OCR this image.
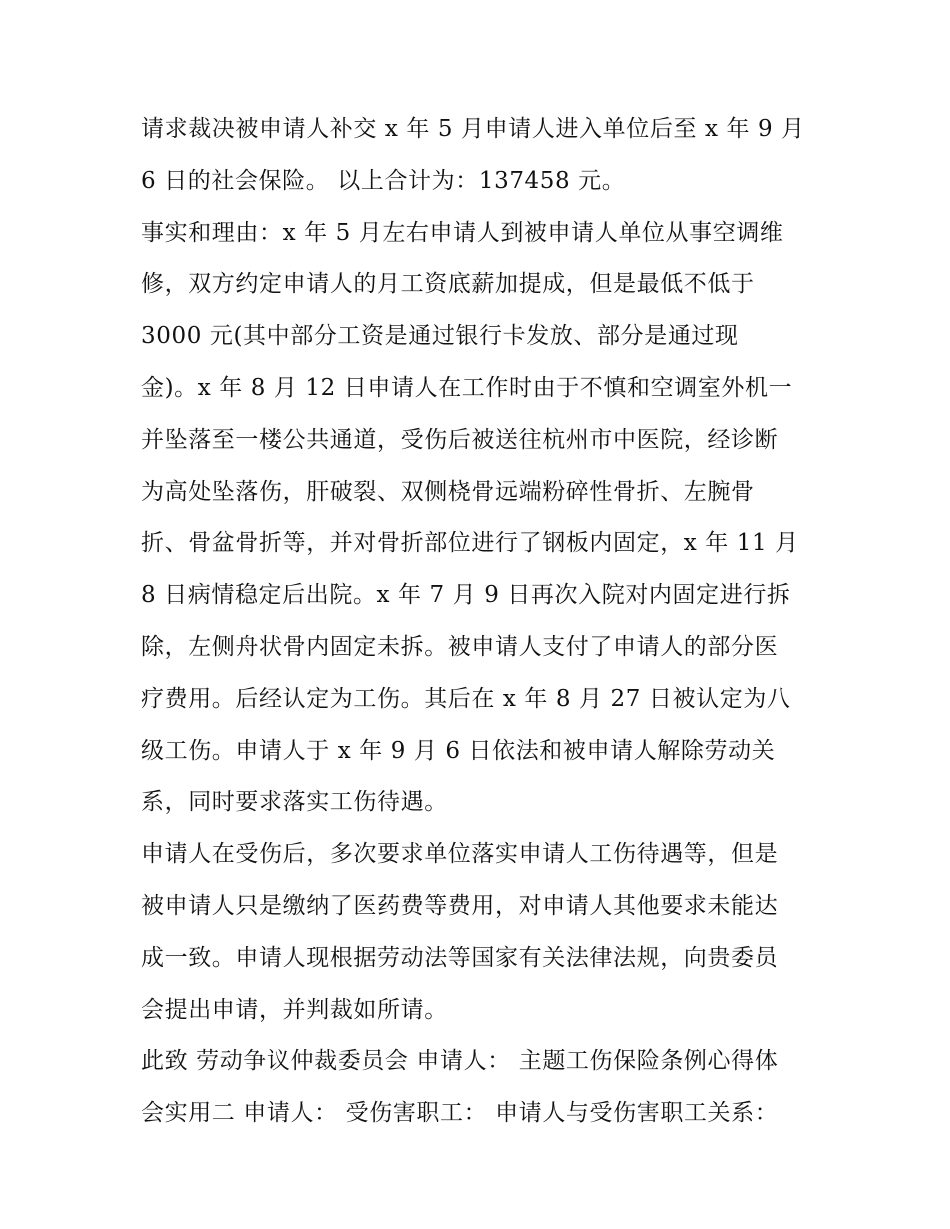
请求裁决被申请人补交 x 年 5 月申请人进入单位后至 x 年 9 月
6 日的社会保险。 以上合计为：137458 元。
事实和理由：x 年 5 月左右申请人到被申请人单位从事空调维
修，双方约定申请人的月工资底薪加提成，但是最低不低于
3000 元(其中部分工资是通过银行卡发放、部分是通过现
金)。x 年 8 月 12 日申请人在工作时由于不慎和空调室外机一
并坠落至一楼公共通道，受伤后被送往杭州市中医院，经诊断
为高处坠落伤，肝破裂、双侧桡骨远端粉碎性骨折、左腕骨
折、骨盆骨折等，并对骨折部位进行了钢板内固定，x 年 11 月
8 日病情稳定后出院。x 年 7 月 9 日再次入院对内固定进行拆
除，左侧舟状骨内固定未拆。被申请人支付了申请人的部分医
疗费用。后经认定为工伤。其后在 x 年 8 月 27 日被认定为八
级工伤。申请人于 x 年 9 月 6 日依法和被申请人解除劳动关
系，同时要求落实工伤待遇。
申请人在受伤后，多次要求单位落实申请人工伤待遇等，但是
被申请人只是缴纳了医药费等费用，对申请人其他要求未能达
成一致。申请人现根据劳动法等国家有关法律法规，向贵委员
会提出申请，并判裁如所请。
此致 劳动争议仲裁委员会 申请人： 主题工伤保险条例心得体
会实用二 申请人： 受伤害职工： 申请人与受伤害职工关系：
